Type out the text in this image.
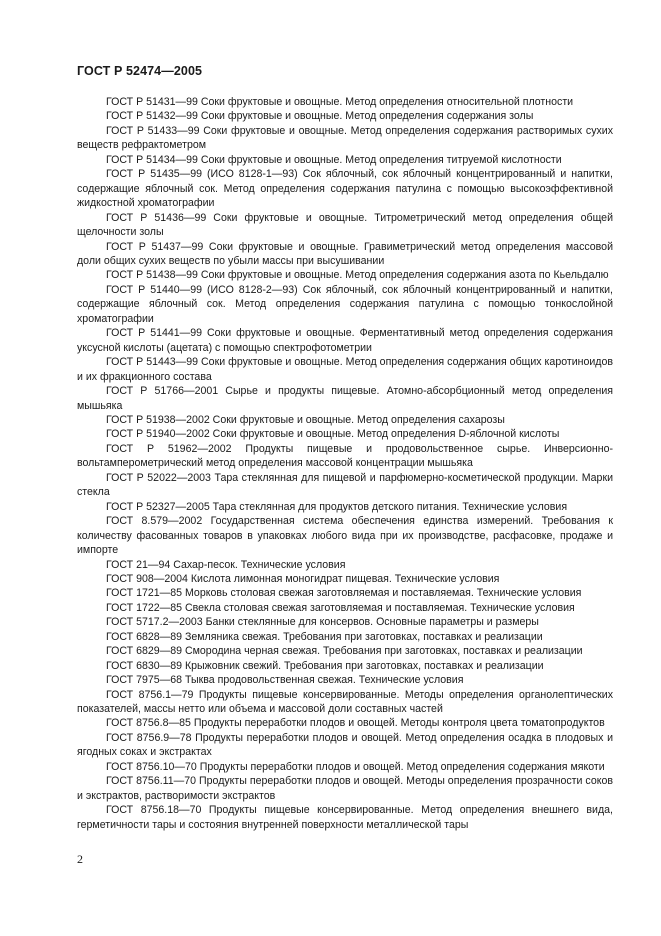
ГОСТ Р 52474—2005

ГОСТ Р 51431—99 Соки фруктовые и овощные. Метод определения относительной плотности

ГОСТ Р 51432—99 Соки фруктовые и овощные. Метод определения содержания золы

ГОСТ Р 51433—99 Соки фруктовые и овощные. Метод определения содержания растворимых сухих веществ рефрактометром

ГОСТ Р 51434—99 Соки фруктовые и овощные. Метод определения титруемой кислотности

ГОСТ Р 51435—99 (ИСО 8128-1—93) Сок яблочный, сок яблочный концентрированный и напитки, содержащие яблочный сок. Метод определения содержания патулина с помощью высокоэффективной жидкостной хроматографии

ГОСТ Р 51436—99 Соки фруктовые и овощные. Титрометрический метод определения общей щелочности золы

ГОСТ Р 51437—99 Соки фруктовые и овощные. Гравиметрический метод определения массовой доли общих сухих веществ по убыли массы при высушивании

ГОСТ Р 51438—99 Соки фруктовые и овощные. Метод определения содержания азота по Кьельдалю

ГОСТ Р 51440—99 (ИСО 8128-2—93) Сок яблочный, сок яблочный концентрированный и напитки, содержащие яблочный сок. Метод определения содержания патулина с помощью тонкослойной хроматографии

ГОСТ Р 51441—99 Соки фруктовые и овощные. Ферментативный метод определения содержания уксусной кислоты (ацетата) с помощью спектрофотометрии

ГОСТ Р 51443—99 Соки фруктовые и овощные. Метод определения содержания общих каротиноидов и их фракционного состава

ГОСТ Р 51766—2001 Сырье и продукты пищевые. Атомно-абсорбционный метод определения мышьяка

ГОСТ Р 51938—2002 Соки фруктовые и овощные. Метод определения сахарозы

ГОСТ Р 51940—2002 Соки фруктовые и овощные. Метод определения D-яблочной кислоты

ГОСТ Р 51962—2002 Продукты пищевые и продовольственное сырье. Инверсионно-вольтамперометрический метод определения массовой концентрации мышьяка

ГОСТ Р 52022—2003 Тара стеклянная для пищевой и парфюмерно-косметической продукции. Марки стекла

ГОСТ Р 52327—2005 Тара стеклянная для продуктов детского питания. Технические условия

ГОСТ 8.579—2002 Государственная система обеспечения единства измерений. Требования к количеству фасованных товаров в упаковках любого вида при их производстве, расфасовке, продаже и импорте

ГОСТ 21—94 Сахар-песок. Технические условия

ГОСТ 908—2004 Кислота лимонная моногидрат пищевая. Технические условия

ГОСТ 1721—85 Морковь столовая свежая заготовляемая и поставляемая. Технические условия

ГОСТ 1722—85 Свекла столовая свежая заготовляемая и поставляемая. Технические условия

ГОСТ 5717.2—2003 Банки стеклянные для консервов. Основные параметры и размеры

ГОСТ 6828—89 Земляника свежая. Требования при заготовках, поставках и реализации

ГОСТ 6829—89 Смородина черная свежая. Требования при заготовках, поставках и реализации

ГОСТ 6830—89 Крыжовник свежий. Требования при заготовках, поставках и реализации

ГОСТ 7975—68 Тыква продовольственная свежая. Технические условия

ГОСТ 8756.1—79 Продукты пищевые консервированные. Методы определения органолептических показателей, массы нетто или объема и массовой доли составных частей

ГОСТ 8756.8—85 Продукты переработки плодов и овощей. Методы контроля цвета томатопродуктов

ГОСТ 8756.9—78 Продукты переработки плодов и овощей. Метод определения осадка в плодовых и ягодных соках и экстрактах

ГОСТ 8756.10—70 Продукты переработки плодов и овощей. Метод определения содержания мякоти

ГОСТ 8756.11—70 Продукты переработки плодов и овощей. Методы определения прозрачности соков и экстрактов, растворимости экстрактов

ГОСТ 8756.18—70 Продукты пищевые консервированные. Метод определения внешнего вида, герметичности тары и состояния внутренней поверхности металлической тары

2
